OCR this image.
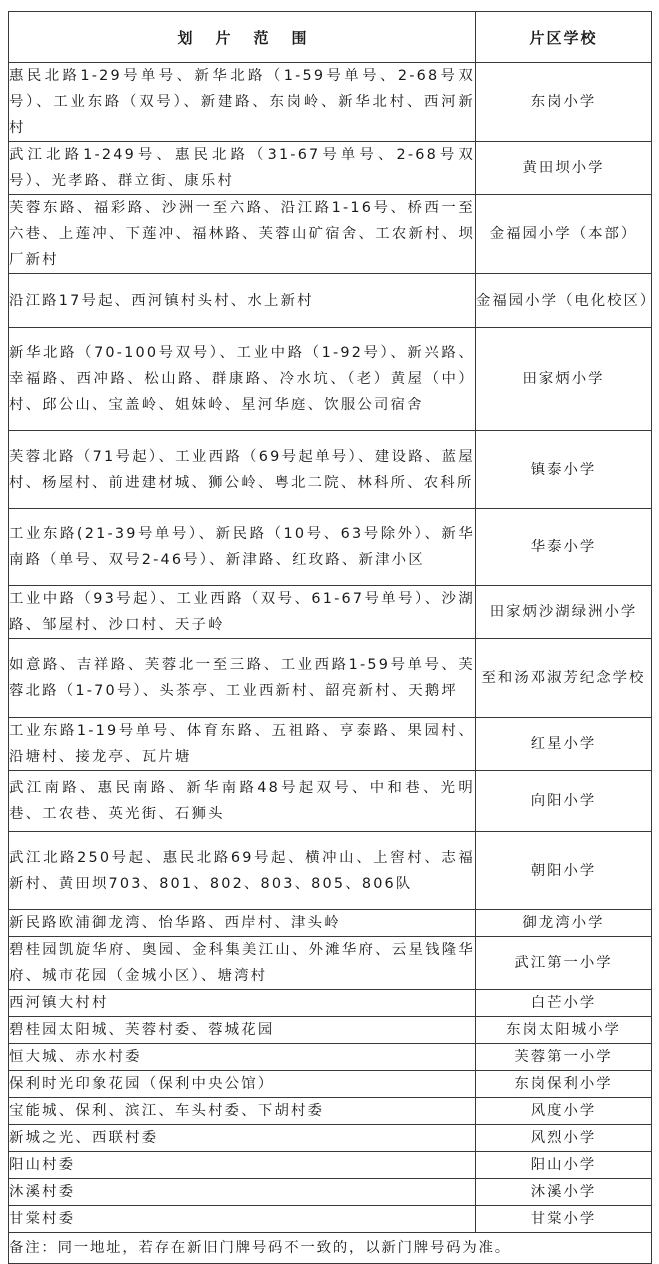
划片范围	片区学校
惠民北路1-29号单号、新华北路（1-59号单号、2-68号双号）、工业东路（双号）、新建路、东岗岭、新华北村、西河新村	东岗小学
武江北路1-249号、惠民北路（31-67号单号、2-68号双号）、光孝路、群立街、康乐村	黄田坝小学
芙蓉东路、福彩路、沙洲一至六路、沿江路1-16号、桥西一至六巷、上莲冲、下莲冲、福林路、芙蓉山矿宿舍、工农新村、坝厂新村	金福园小学（本部）
沿江路17号起、西河镇村头村、水上新村	金福园小学（电化校区）
新华北路（70-100号双号）、工业中路（1-92号）、新兴路、幸福路、西冲路、松山路、群康路、冷水坑、（老）黄屋（中）村、邱公山、宝盖岭、姐妹岭、星河华庭、饮服公司宿舍	田家炳小学
芙蓉北路（71号起）、工业西路（69号起单号）、建设路、蓝屋村、杨屋村、前进建材城、狮公岭、粤北二院、林科所、农科所	镇泰小学
工业东路(21-39号单号）、新民路（10号、63号除外）、新华南路（单号、双号2-46号）、新津路、红玫路、新津小区	华泰小学
工业中路（93号起）、工业西路（双号、61-67号单号）、沙湖路、邹屋村、沙口村、天子岭	田家炳沙湖绿洲小学
如意路、吉祥路、芙蓉北一至三路、工业西路1-59号单号、芙蓉北路（1-70号）、头茶亭、工业西新村、韶亮新村、天鹅坪	至和汤邓淑芳纪念学校
工业东路1-19号单号、体育东路、五祖路、亨泰路、果园村、沿塘村、接龙亭、瓦片塘	红星小学
武江南路、惠民南路、新华南路48号起双号、中和巷、光明巷、工农巷、英光街、石狮头	向阳小学
武江北路250号起、惠民北路69号起、横冲山、上窖村、志福新村、黄田坝703、801、802、803、805、806队	朝阳小学
新民路欧浦御龙湾、怡华路、西岸村、津头岭	御龙湾小学
碧桂园凯旋华府、奥园、金科集美江山、外滩华府、云星钱隆华府、城市花园（金城小区）、塘湾村	武江第一小学
西河镇大村村	白芒小学
碧桂园太阳城、芙蓉村委、蓉城花园	东岗太阳城小学
恒大城、赤水村委	芙蓉第一小学
保利时光印象花园（保利中央公馆）	东岗保利小学
宝能城、保利、滨江、车头村委、下胡村委	风度小学
新城之光、西联村委	风烈小学
阳山村委	阳山小学
沐溪村委	沐溪小学
甘棠村委	甘棠小学
备注：同一地址，若存在新旧门牌号码不一致的，以新门牌号码为准。	
